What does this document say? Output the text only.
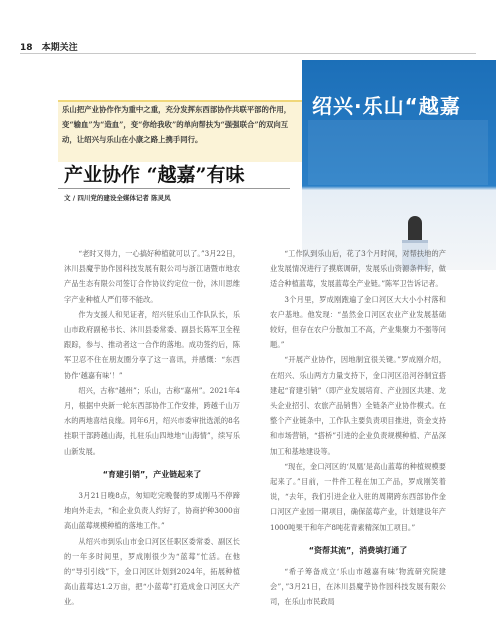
18 本期关注

乐山把产业协作作为重中之重，充分发挥东西部协作共联平部的作用，变“输血”为“造血”，变“你给我收”的单向帮扶为“强强联合”的双向互动，让绍兴与乐山在小康之路上携手同行。

绍兴·乐山“越嘉
产业协作 “越嘉”有味
文 / 四川党的建设全媒体记者 陈灵凤

“老时又得力，一心搞好种植就可以了。”3月22日，沐川县魔芋协作园科技发展有限公司与浙江诸暨市地农产品生态有限公司签订合作协议约定位一份，沐川思维字产业种植人严们带不能改。

作为支援人和见证者，绍兴驻乐山工作队队长，乐山市政府副秘书长、沐川县委常委、副县长陈军卫全程跟踪，参与、推动者这一合作的落地。成功签约后，陈军卫忍不住在朋友圈分享了这一喜讯，并感慨：“东西协作‘越嘉有味’！”

绍兴，古称“越州”；乐山，古称“嘉州”。2021年4月，根据中央新一轮东西部协作工作安排，跨越千山万水的两地喜结良缘。同年6月，绍兴市委审批选派的8名挂职干部跨越山海，扎驻乐山四地地“山海情”，续写乐山新发展。

“育建引销”，产业链起来了

3月21日晚8点，匆知吃完晚餐的罗成刚马不停蹄地向外走去，“和企业负责人约好了，协商护种3000亩高山蓝莓规模种植的落地工作。”

从绍兴市到乐山市金口河区任职区委常委、副区长的一年多时间里，罗成刚很少为“蓝莓”忙活。在他的“导引引线”下，金口河区计划到2024年，拓展种植高山蓝莓达1.2万亩，把“小蓝莓”打造成金口河区大产业。

“工作队到乐山后，花了3个月时间，对帮扶地的产业发展情况进行了摸底调研，发展乐山资源条件好，做适合种植蓝莓，发展蓝莓全产业链。”陈军卫告诉记者。

3个月里，罗成刚跑遍了金口河区大大小小村落和农户基地。他发现：“虽然金口河区农业产业发展基础较好，但存在农户分散加工不高，产业集聚力不强等问题。”

“开展产业协作，因地制宜很关键。”罗成刚介绍，在绍兴、乐山两方力量支持下，金口河区沿河谷制宜搭建起“育建引销”（即产业发展培育、产业园区共建、龙头企业招引、农旅产品销售）全链条产业协作模式。在整个产业链条中，工作队主要负责项目推进，资金支持和市场营销，“搭桥”引进的企业负责规模种植、产品深加工和基地建设等。

“现在，金口河区的‘凤凰’是高山蓝莓的种植规模要起来了。”目前，一件件工程在加工产品，罗成刚笑着说，“去年，我们引进企业入驻的周期跨东西部协作金口河区产业园一期项目，确保蓝莓产业，计划建设年产1000吨果干和年产8吨花青素精深加工项目。”

“资帮其流”，消费填打通了

“希子筹备成立‘乐山市越嘉有味’物流研究院建会”，”3月21日，在沐川县魔芋协作园科技发展有限公司，在乐山市民政局
